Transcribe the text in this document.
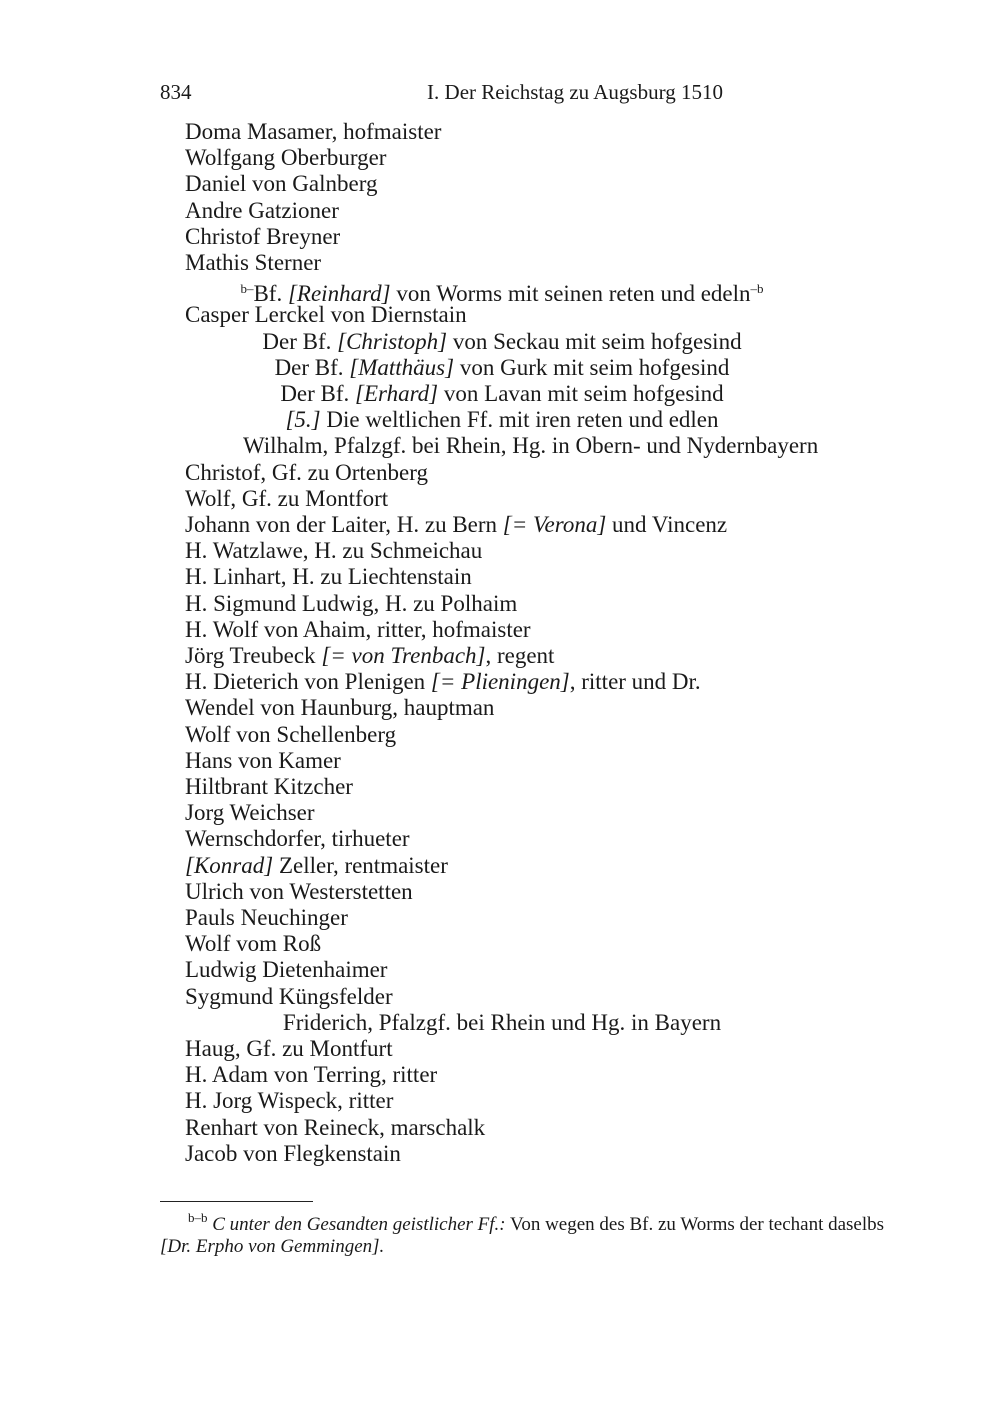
834	I. Der Reichstag zu Augsburg 1510
Doma Masamer, hofmaister
Wolfgang Oberburger
Daniel von Galnberg
Andre Gatzioner
Christof Breyner
Mathis Sterner
$^{b-}$Bf. [Reinhard] von Worms mit seinen reten und edeln$^{-b}$
Casper Lerckel von Diernstain
Der Bf. [Christoph] von Seckau mit seim hofgesind
Der Bf. [Matthäus] von Gurk mit seim hofgesind
Der Bf. [Erhard] von Lavan mit seim hofgesind
[5.] Die weltlichen Ff. mit iren reten und edlen
Wilhalm, Pfalzgf. bei Rhein, Hg. in Obern- und Nydernbayern
Christof, Gf. zu Ortenberg
Wolf, Gf. zu Montfort
Johann von der Laiter, H. zu Bern [= Verona] und Vincenz
H. Watzlawe, H. zu Schmeichau
H. Linhart, H. zu Liechtenstain
H. Sigmund Ludwig, H. zu Polhaim
H. Wolf von Ahaim, ritter, hofmaister
Jörg Treubeck [= von Trenbach], regent
H. Dieterich von Plenigen [= Plieningen], ritter und Dr.
Wendel von Haunburg, hauptman
Wolf von Schellenberg
Hans von Kamer
Hiltbrant Kitzcher
Jorg Weichser
Wernschdorfer, tirhueter
[Konrad] Zeller, rentmaister
Ulrich von Westerstetten
Pauls Neuchinger
Wolf vom Roß
Ludwig Dietenhaimer
Sygmund Küngsfelder
Friderich, Pfalzgf. bei Rhein und Hg. in Bayern
Haug, Gf. zu Montfurt
H. Adam von Terring, ritter
H. Jorg Wispeck, ritter
Renhart von Reineck, marschalk
Jacob von Flegkenstain
$^{b-b}$ C unter den Gesandten geistlicher Ff.: Von wegen des Bf. zu Worms der techant daselbs [Dr. Erpho von Gemmingen].
